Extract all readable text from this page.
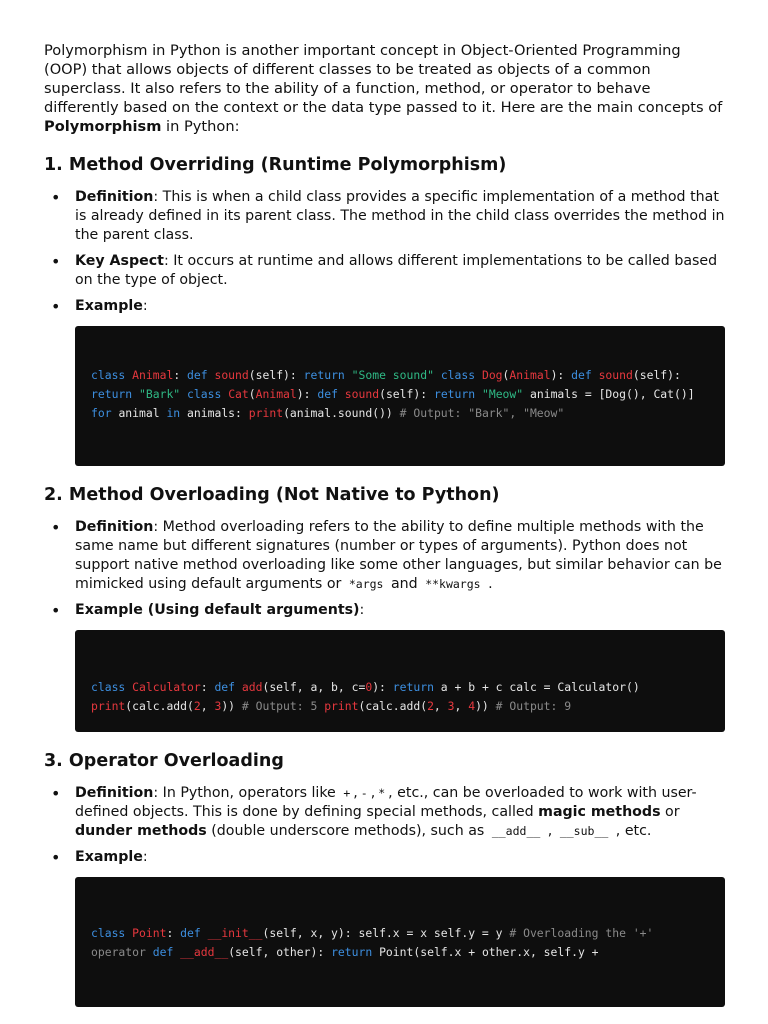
Polymorphism in Python is another important concept in Object-Oriented Programming (OOP) that allows objects of different classes to be treated as objects of a common superclass. It also refers to the ability of a function, method, or operator to behave differently based on the context or the data type passed to it. Here are the main concepts of Polymorphism in Python:

1. Method Overriding (Runtime Polymorphism)
• Definition: This is when a child class provides a specific implementation of a method that is already defined in its parent class. The method in the child class overrides the method in the parent class.
• Key Aspect: It occurs at runtime and allows different implementations to be called based on the type of object.
• Example:
class Animal: def sound(self): return "Some sound" class Dog(Animal): def sound(self): return "Bark" class Cat(Animal): def sound(self): return "Meow" animals = [Dog(), Cat()] for animal in animals: print(animal.sound()) # Output: "Bark", "Meow"
2. Method Overloading (Not Native to Python)
• Definition: Method overloading refers to the ability to define multiple methods with the same name but different signatures (number or types of arguments). Python does not support native method overloading like some other languages, but similar behavior can be mimicked using default arguments or *args and **kwargs .
• Example (Using default arguments):
class Calculator: def add(self, a, b, c=0): return a + b + c calc = Calculator() print(calc.add(2, 3)) # Output: 5 print(calc.add(2, 3, 4)) # Output: 9
3. Operator Overloading
• Definition: In Python, operators like + , - , * , etc., can be overloaded to work with user-defined objects. This is done by defining special methods, called magic methods or dunder methods (double underscore methods), such as __add__ , __sub__ , etc.
• Example:
class Point: def __init__(self, x, y): self.x = x self.y = y # Overloading the '+' operator def __add__(self, other): return Point(self.x + other.x, self.y +
